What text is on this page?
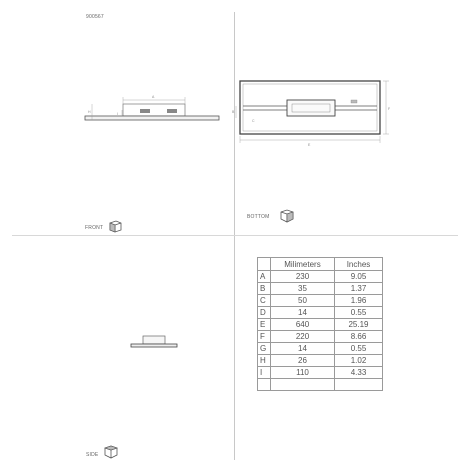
900567
A
H	I
E
B
C
F
FRONT
BOTTOM
SIDE
	Milimeters	Inches
A	230	9.05
B	35	1.37
C	50	1.96
D	14	0.55
E	640	25.19
F	220	8.66
G	14	0.55
H	26	1.02
I	110	4.33
